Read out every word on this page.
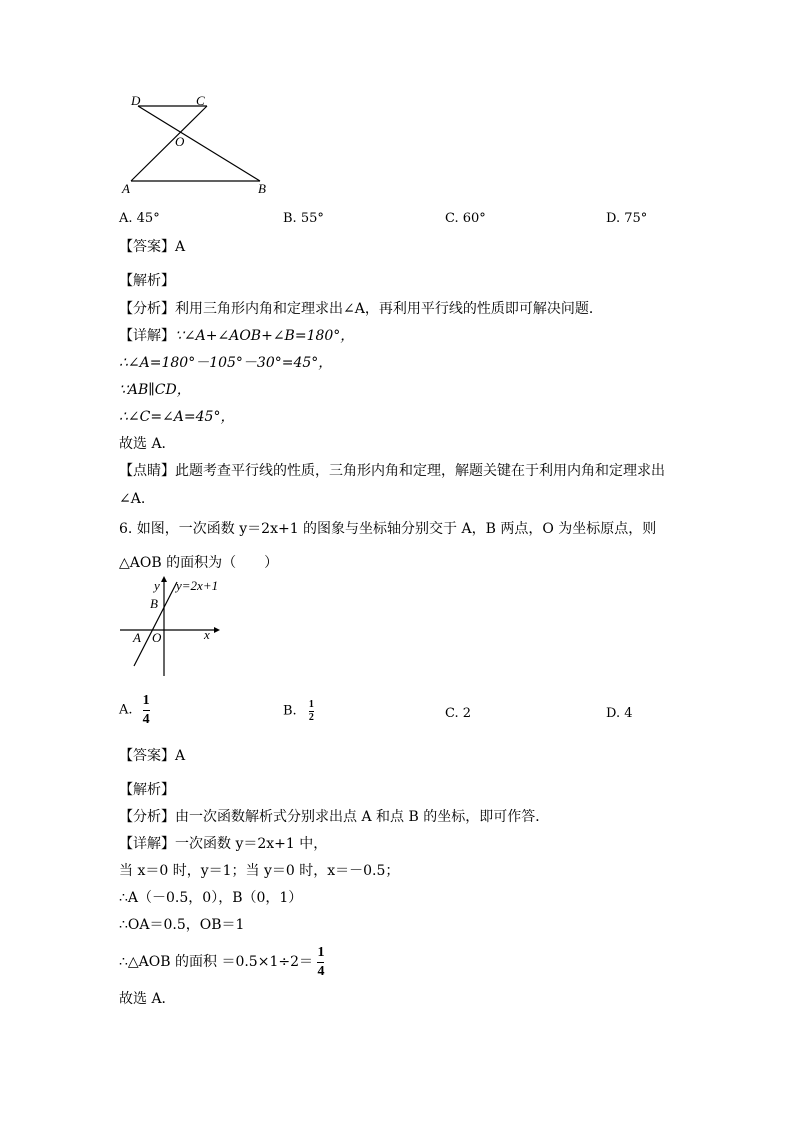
D	C
O
A	B
A. 45°	B. 55°	C. 60°	D. 75°
【答案】A
【解析】
【分析】利用三角形内角和定理求出∠A，再利用平行线的性质即可解决问题．
【详解】∵∠A+∠AOB+∠B=180°，
∴∠A=180°－105°－30°=45°，
∵AB∥CD，
∴∠C=∠A=45°，
故选 A．
【点睛】此题考查平行线的性质，三角形内角和定理，解题关键在于利用内角和定理求出
∠A.
6. 如图，一次函数 y＝2x+1 的图象与坐标轴分别交于 A，B 两点，O 为坐标原点，则
△AOB 的面积为（　　）
y y=2x+1
B
A O	x
A. $\frac{1}{4}$	B. $\frac{1}{2}$	C. 2	D. 4
【答案】A
【解析】
【分析】由一次函数解析式分别求出点 A 和点 B 的坐标，即可作答．
【详解】一次函数 y＝2x+1 中，
当 x＝0 时，y＝1；当 y＝0 时，x＝－0.5；
∴A（－0.5，0），B（0，1）
∴OA＝0.5，OB＝1
∴△AOB 的面积 $=0.5\times 1\div 2= \frac{1}{4}$
故选 A．
